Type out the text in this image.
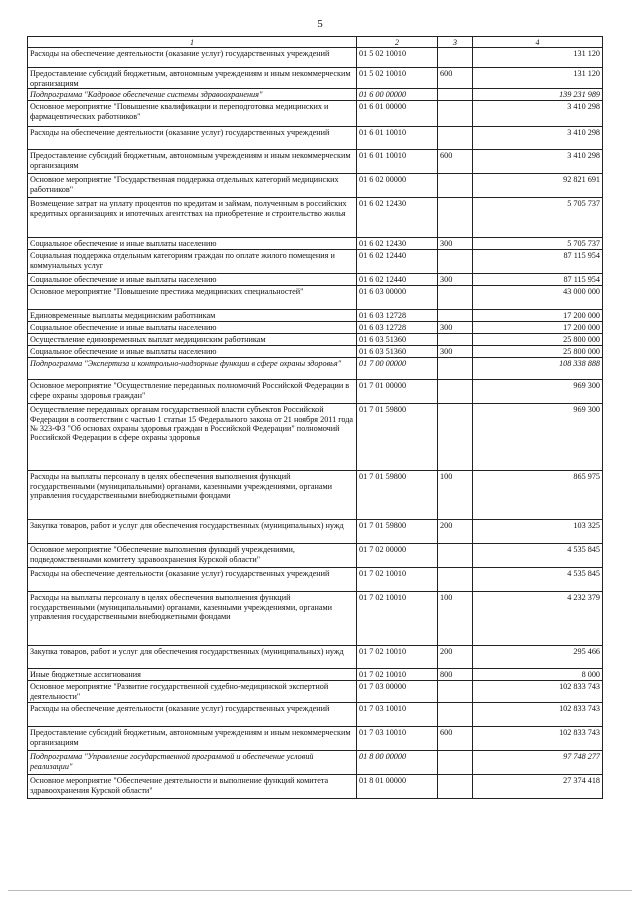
5
1	2	3	4
Расходы на обеспечение деятельности (оказание услуг) государственных учреждений	01 5 02 10010		131 120
Предоставление субсидий бюджетным, автономным учреждениям и иным некоммерческим организациям	01 5 02 10010	600	131 120
Подпрограмма "Кадровое обеспечение системы здравоохранения"	01 6 00 00000		139 231 989
Основное мероприятие "Повышение квалификации и переподготовка медицинских и фармацевтических работников"	01 6 01 00000		3 410 298
Расходы на обеспечение деятельности (оказание услуг) государственных учреждений	01 6 01 10010		3 410 298
Предоставление субсидий бюджетным, автономным учреждениям и иным некоммерческим организациям	01 6 01 10010	600	3 410 298
Основное мероприятие "Государственная поддержка отдельных категорий медицинских работников"	01 6 02 00000		92 821 691
Возмещение затрат на уплату процентов по кредитам и займам, полученным в российских кредитных организациях и ипотечных агентствах на приобретение и строительство жилья	01 6 02 12430		5 705 737
Социальное обеспечение и иные выплаты населению	01 6 02 12430	300	5 705 737
Социальная поддержка отдельным категориям граждан по оплате жилого помещения и коммунальных услуг	01 6 02 12440		87 115 954
Социальное обеспечение и иные выплаты населению	01 6 02 12440	300	87 115 954
Основное мероприятие "Повышение престижа медицинских специальностей"	01 6 03 00000		43 000 000
Единовременные выплаты медицинским работникам	01 6 03 12728		17 200 000
Социальное обеспечение и иные выплаты населению	01 6 03 12728	300	17 200 000
Осуществление единовременных выплат медицинским работникам	01 6 03 51360		25 800 000
Социальное обеспечение и иные выплаты населению	01 6 03 51360	300	25 800 000
Подпрограмма "Экспертиза и контрольно-надзорные функции в сфере охраны здоровья"	01 7 00 00000		108 338 888
Основное мероприятие "Осуществление переданных полномочий Российской Федерации в сфере охраны здоровья граждан"	01 7 01 00000		969 300
Осуществление переданных органам государственной власти субъектов Российской Федерации в соответствии с частью 1 статьи 15 Федерального закона от 21 ноября 2011 года № 323-ФЗ "Об основах охраны здоровья граждан в Российской Федерации" полномочий Российской Федерации в сфере охраны здоровья	01 7 01 59800		969 300
Расходы на выплаты персоналу в целях обеспечения выполнения функций государственными (муниципальными) органами, казенными учреждениями, органами управления государственными внебюджетными фондами	01 7 01 59800	100	865 975
Закупка товаров, работ и услуг для обеспечения государственных (муниципальных) нужд	01 7 01 59800	200	103 325
Основное мероприятие "Обеспечение выполнения функций учреждениями, подведомственными комитету здравоохранения Курской области"	01 7 02 00000		4 535 845
Расходы на обеспечение деятельности (оказание услуг) государственных учреждений	01 7 02 10010		4 535 845
Расходы на выплаты персоналу в целях обеспечения выполнения функций государственными (муниципальными) органами, казенными учреждениями, органами управления государственными внебюджетными фондами	01 7 02 10010	100	4 232 379
Закупка товаров, работ и услуг для обеспечения государственных (муниципальных) нужд	01 7 02 10010	200	295 466
Иные бюджетные ассигнования	01 7 02 10010	800	8 000
Основное мероприятие "Развитие государственной судебно-медицинской экспертной деятельности"	01 7 03 00000		102 833 743
Расходы на обеспечение деятельности (оказание услуг) государственных учреждений	01 7 03 10010		102 833 743
Предоставление субсидий бюджетным, автономным учреждениям и иным некоммерческим организациям	01 7 03 10010	600	102 833 743
Подпрограмма "Управление государственной программой и обеспечение условий реализации"	01 8 00 00000		97 748 277
Основное мероприятие "Обеспечение деятельности и выполнение функций комитета здравоохранения Курской области"	01 8 01 00000		27 374 418
